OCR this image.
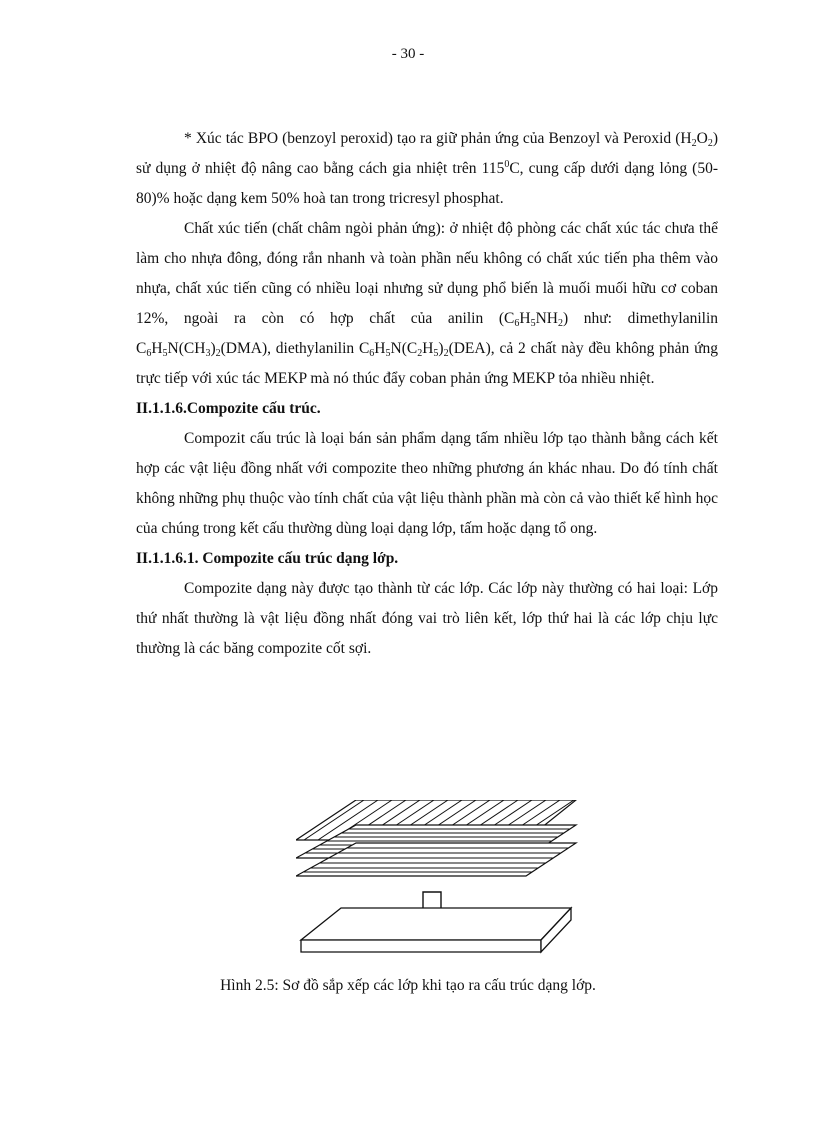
- 30 -

* Xúc tác BPO (benzoyl peroxid) tạo ra giữ phản ứng của Benzoyl và Peroxid $(H_2O_2)$ sử dụng ở nhiệt độ nâng cao bằng cách gia nhiệt trên $115^0C$, cung cấp dưới dạng lỏng (50- 80)% hoặc dạng kem 50% hoà tan trong tricresyl phosphat.

Chất xúc tiến (chất châm ngòi phản ứng): ở nhiệt độ phòng các chất xúc tác chưa thể làm cho nhựa đông, đóng rắn nhanh và toàn phần nếu không có chất xúc tiến pha thêm vào nhựa, chất xúc tiến cũng có nhiều loại nhưng sử dụng phổ biến là muối muối hữu cơ coban 12%, ngoài ra còn có hợp chất của anilin $(C_6H_5NH_2)$ như: dimethylanilin $C_6H_5N(CH_3)_2(DMA)$, diethylanilin $C_6H_5N(C_2H_5)_2(DEA)$, cả 2 chất này đều không phản ứng trực tiếp với xúc tác MEKP mà nó thúc đẩy coban phản ứng MEKP tỏa nhiều nhiệt.

II.1.1.6.Compozite cấu trúc.

Compozit cấu trúc là loại bán sản phẩm dạng tấm nhiều lớp tạo thành bằng cách kết hợp các vật liệu đồng nhất với compozite theo những phương án khác nhau. Do đó tính chất không những phụ thuộc vào tính chất của vật liệu thành phần mà còn cả vào thiết kế hình học của chúng trong kết cấu thường dùng loại dạng lớp, tấm hoặc dạng tổ ong.

II.1.1.6.1. Compozite cấu trúc dạng lớp.

Compozite dạng này được tạo thành từ các lớp. Các lớp này thường có hai loại: Lớp thứ nhất thường là vật liệu đồng nhất đóng vai trò liên kết, lớp thứ hai là các lớp chịu lực thường là các băng compozite cốt sợi.

Hình 2.5: Sơ đồ sắp xếp các lớp khi tạo ra cấu trúc dạng lớp.
